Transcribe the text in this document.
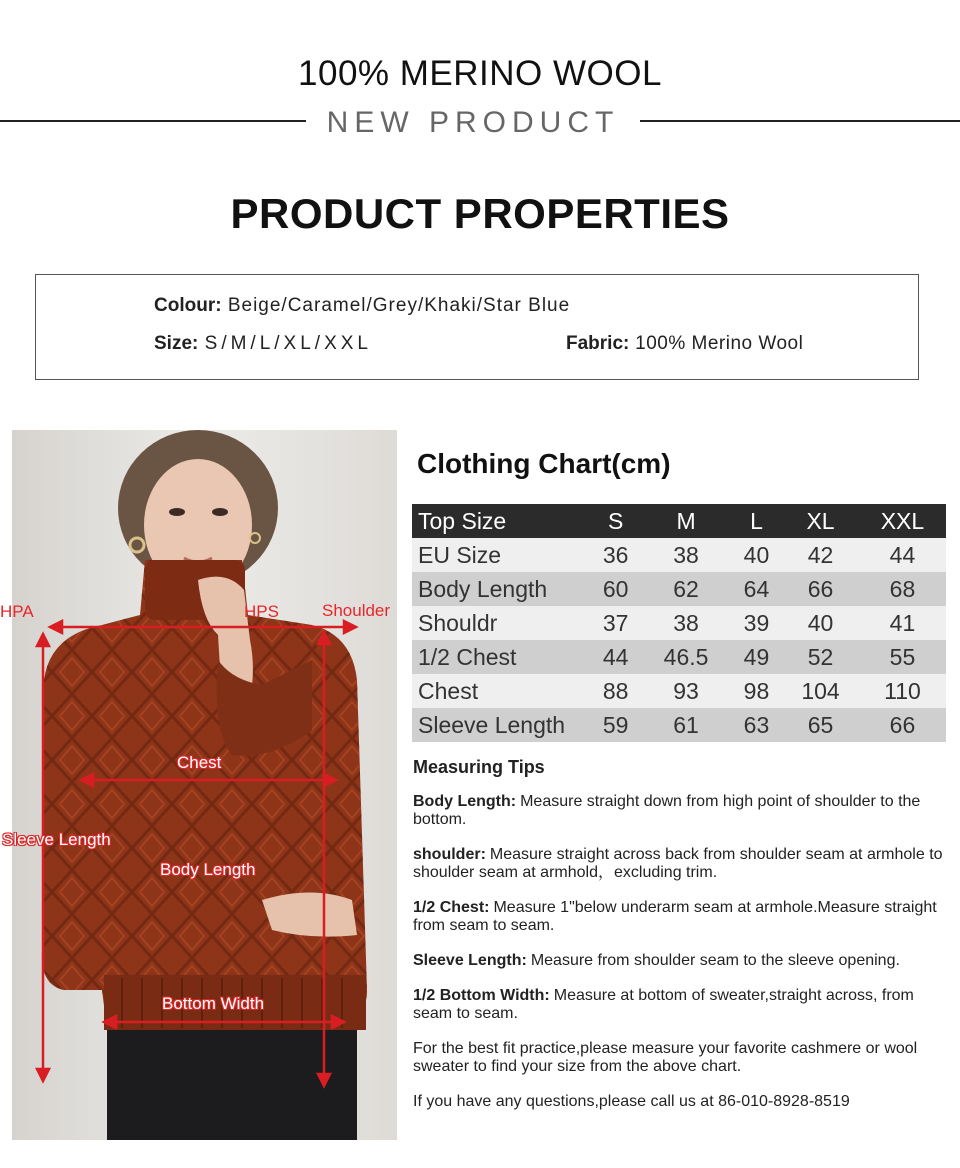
100% MERINO WOOL
NEW PRODUCT
PRODUCT PROPERTIES
Colour: Beige/Caramel/Grey/Khaki/Star Blue
Size: S/M/L/XL/XXL	Fabric: 100% Merino Wool
HPA	HPS	Shoulder
Chest
Sleeve Length
Body Length
Bottom Width
Clothing Chart(cm)
Top Size	S	M	L	XL	XXL
EU Size	36	38	40	42	44
Body Length	60	62	64	66	68
Shouldr	37	38	39	40	41
1/2 Chest	44	46.5	49	52	55
Chest	88	93	98	104	110
Sleeve Length	59	61	63	65	66
Measuring Tips
Body Length: Measure straight down from high point of shoulder to the bottom.
shoulder: Measure straight across back from shoulder seam at armhole to shoulder seam at armhold，excluding trim.
1/2 Chest: Measure 1"below underarm seam at armhole.Measure straight from seam to seam.
Sleeve Length: Measure from shoulder seam to the sleeve opening.
1/2 Bottom Width: Measure at bottom of sweater,straight across, from seam to seam.
For the best fit practice,please measure your favorite cashmere or wool sweater to find your size from the above chart.
If you have any questions,please call us at 86-010-8928-8519
